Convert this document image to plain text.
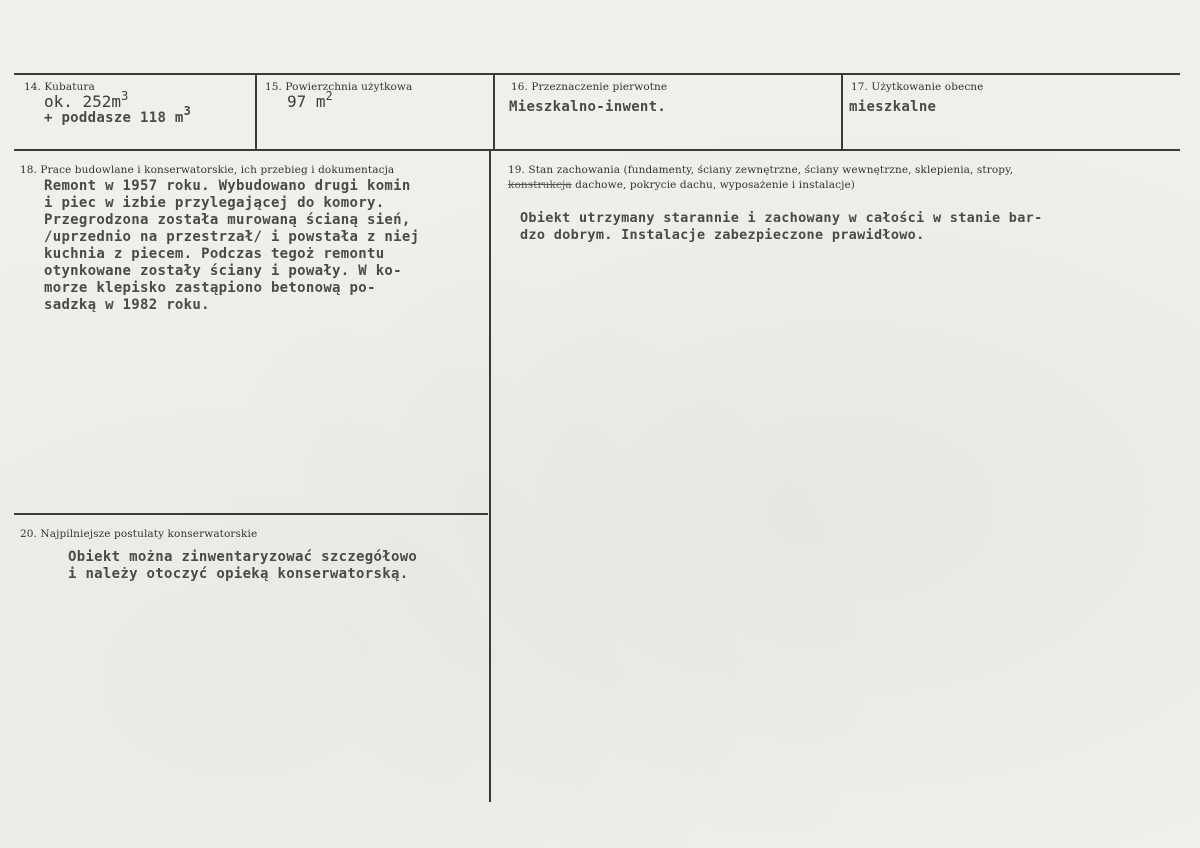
14. Kubatura
ok. $252m^3$
+ poddasze 118 m3
15. Powierzchnia użytkowa
97 $m^2$
16. Przeznaczenie pierwotne
Mieszkalno-inwent.
17. Użytkowanie obecne
mieszkalne
18. Prace budowlane i konserwatorskie, ich przebieg i dokumentacja
Remont w 1957 roku. Wybudowano drugi komin
i piec w izbie przylegającej do komory.
Przegrodzona została murowaną ścianą sień,
/uprzednio na przestrzał/ i powstała z niej
kuchnia z piecem. Podczas tegoż remontu
otynkowane zostały ściany i powały. W ko-
morze klepisko zastąpiono betonową po-
sadzką w 1982 roku.
19. Stan zachowania (fundamenty, ściany zewnętrzne, ściany wewnętrzne, sklepienia, stropy,
konstrukcja dachowe, pokrycie dachu, wyposażenie i instalacje)
Obiekt utrzymany starannie i zachowany w całości w stanie bar-
dzo dobrym. Instalacje zabezpieczone prawidłowo.
20. Najpilniejsze postulaty konserwatorskie
Obiekt można zinwentaryzować szczegółowo
i należy otoczyć opieką konserwatorską.
